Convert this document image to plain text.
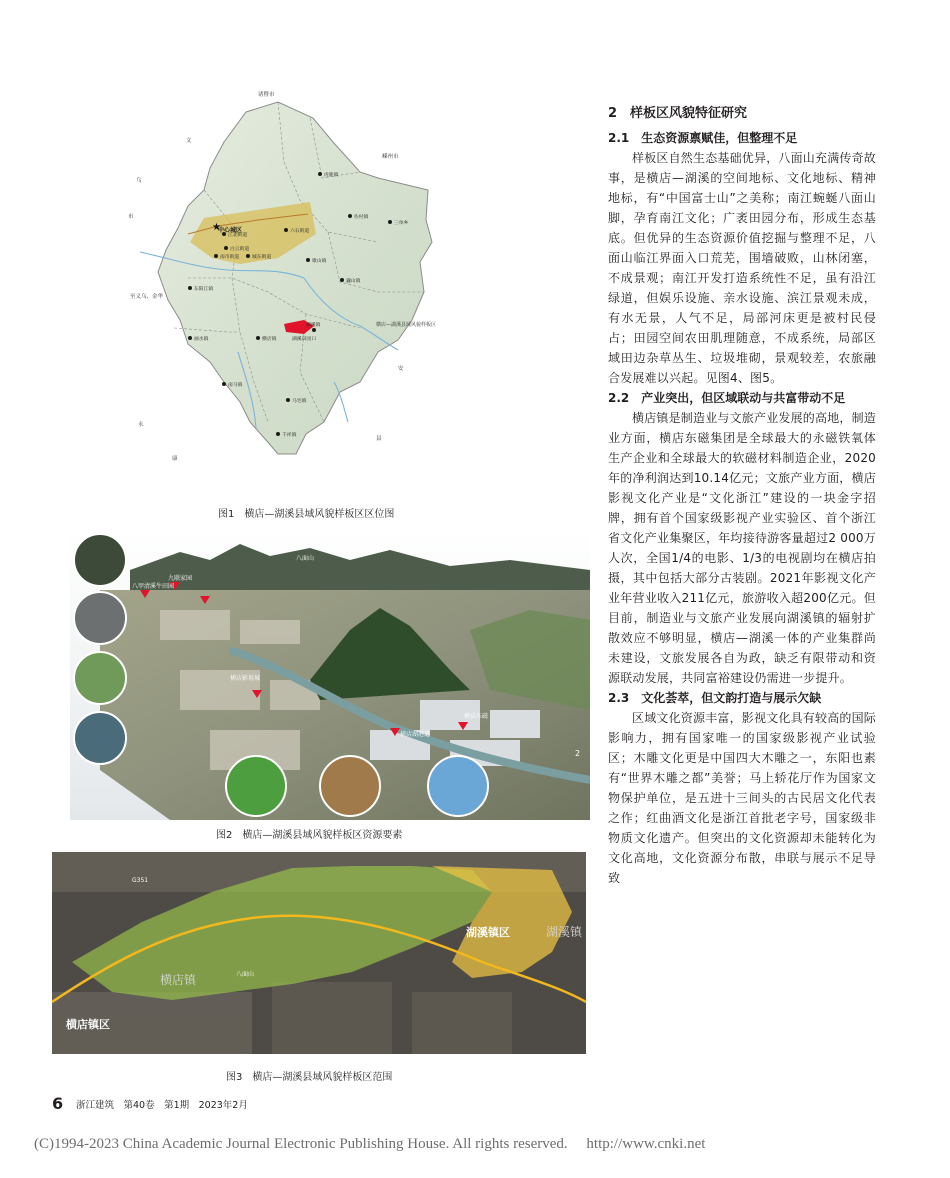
★
诸暨市
文
乌
市
嵊州市
至义乌、金华
安
永
康
县
横店—湖溪县域风貌样板区
中心城区
虎鹿镇
佐村镇
三单乡
六石街道
江北街道
白云街道
南市街道	城东街道
歌山镇
巍山镇
东阳江镇
横店镇
画水镇
南马镇
马宅镇
千祥镇
湖溪镇
湖溪田园口
图1　横店—湖溪县域风貌样板区区位图
九联家园
八甲清溪牛田园
横店影视城
横店东磁
横店湖港道
八面山
2
图2　横店—湖溪县域风貌样板区资源要素
横店镇区
湖溪镇区
横店镇
湖溪镇
八面山
G351
图3　横店—湖溪县域风貌样板区范围
2　样板区风貌特征研究
2.1　生态资源禀赋佳，但整理不足

样板区自然生态基础优异，八面山充满传奇故事，是横店—湖溪的空间地标、文化地标、精神地标，有“中国富士山”之美称；南江蜿蜒八面山脚，孕育南江文化；广袤田园分布，形成生态基底。但优异的生态资源价值挖掘与整理不足，八面山临江界面入口荒芜，围墙破败，山林闭塞，不成景观；南江开发打造系统性不足，虽有沿江绿道，但娱乐设施、亲水设施、滨江景观未成，有水无景，人气不足，局部河床更是被村民侵占；田园空间农田肌理随意，不成系统，局部区域田边杂草丛生、垃圾堆砌，景观较差，农旅融合发展难以兴起。见图4、图5。

2.2　产业突出，但区域联动与共富带动不足

横店镇是制造业与文旅产业发展的高地，制造业方面，横店东磁集团是全球最大的永磁铁氧体生产企业和全球最大的软磁材料制造企业，2020年的净利润达到10.14亿元；文旅产业方面，横店影视文化产业是“文化浙江”建设的一块金字招牌，拥有首个国家级影视产业实验区、首个浙江省文化产业集聚区，年均接待游客量超过2 000万人次，全国1/4的电影、1/3的电视剧均在横店拍摄，其中包括大部分古装剧。2021年影视文化产业年营业收入211亿元，旅游收入超200亿元。但目前，制造业与文旅产业发展向湖溪镇的辐射扩散效应不够明显，横店—湖溪一体的产业集群尚未建设，文旅发展各自为政，缺乏有限带动和资源联动发展，共同富裕建设仍需进一步提升。

2.3　文化荟萃，但文韵打造与展示欠缺

区域文化资源丰富，影视文化具有较高的国际影响力，拥有国家唯一的国家级影视产业试验区；木雕文化更是中国四大木雕之一，东阳也素有“世界木雕之都”美誉；马上轿花厅作为国家文物保护单位，是五进十三间头的古民居文化代表之作；红曲酒文化是浙江首批老字号，国家级非物质文化遗产。但突出的文化资源却未能转化为文化高地，文化资源分布散，串联与展示不足导致

6 浙江建筑　第40卷　第1期　2023年2月
(C)1994-2023 China Academic Journal Electronic Publishing House. All rights reserved.　 http://www.cnki.net
